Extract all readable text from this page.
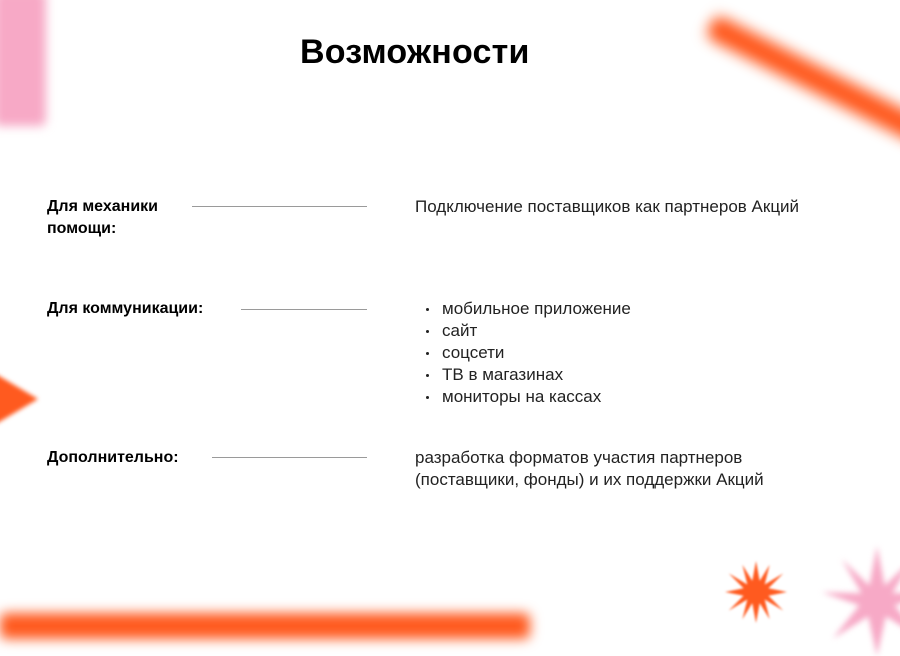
Возможности
Для механики
помощи:
Подключение поставщиков как партнеров Акций
Для коммуникации:	мобильное приложение
сайт
соцсети
ТВ в магазинах
мониторы на кассах
Дополнительно:	разработка форматов участия партнеров
(поставщики, фонды) и их поддержки Акций
